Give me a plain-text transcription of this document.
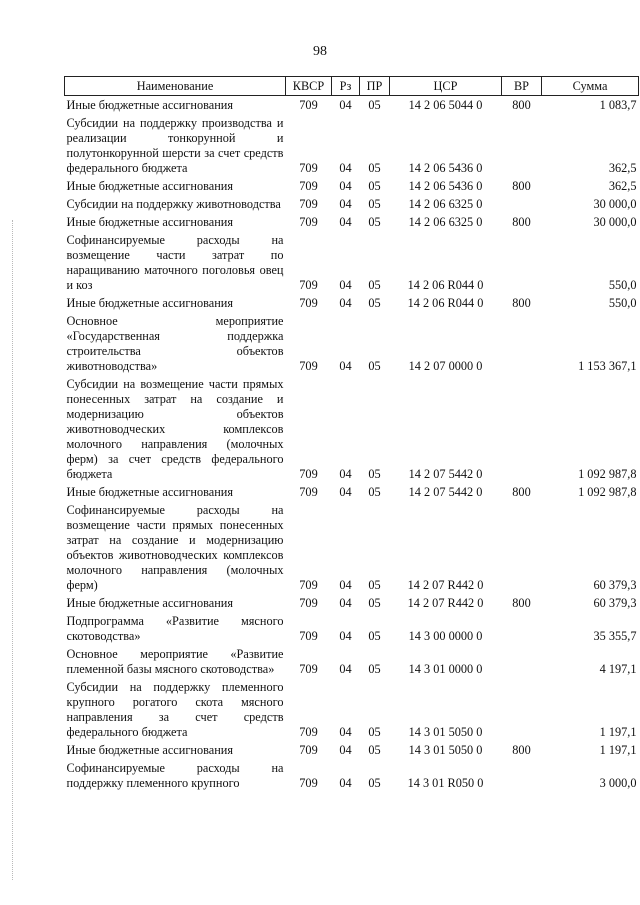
98
Наименование	КВСР	Рз	ПР	ЦСР	ВР	Сумма
Иные бюджетные ассигнования	709	04	05	14 2 06 5044 0	800	1 083,7
Субсидии на поддержку производства и реализации тонкорунной и полутонкорунной шерсти за счет средств федерального бюджета	709	04	05	14 2 06 5436 0		362,5
Иные бюджетные ассигнования	709	04	05	14 2 06 5436 0	800	362,5
Субсидии на поддержку животноводства	709	04	05	14 2 06 6325 0		30 000,0
Иные бюджетные ассигнования	709	04	05	14 2 06 6325 0	800	30 000,0
Софинансируемые расходы на возмещение части затрат по наращиванию маточного поголовья овец и коз	709	04	05	14 2 06 R044 0		550,0
Иные бюджетные ассигнования	709	04	05	14 2 06 R044 0	800	550,0
Основное мероприятие «Государственная поддержка строительства объектов животноводства»	709	04	05	14 2 07 0000 0		1 153 367,1
Субсидии на возмещение части прямых понесенных затрат на создание и модернизацию объектов животноводческих комплексов молочного направления (молочных ферм) за счет средств федерального бюджета	709	04	05	14 2 07 5442 0		1 092 987,8
Иные бюджетные ассигнования	709	04	05	14 2 07 5442 0	800	1 092 987,8
Софинансируемые расходы на возмещение части прямых понесенных затрат на создание и модернизацию объектов животноводческих комплексов молочного направления (молочных ферм)	709	04	05	14 2 07 R442 0		60 379,3
Иные бюджетные ассигнования	709	04	05	14 2 07 R442 0	800	60 379,3
Подпрограмма «Развитие мясного скотоводства»	709	04	05	14 3 00 0000 0		35 355,7
Основное мероприятие «Развитие племенной базы мясного скотоводства»	709	04	05	14 3 01 0000 0		4 197,1
Субсидии на поддержку племенного крупного рогатого скота мясного направления за счет средств федерального бюджета	709	04	05	14 3 01 5050 0		1 197,1
Иные бюджетные ассигнования	709	04	05	14 3 01 5050 0	800	1 197,1
Софинансируемые расходы на поддержку племенного крупного	709	04	05	14 3 01 R050 0		3 000,0
